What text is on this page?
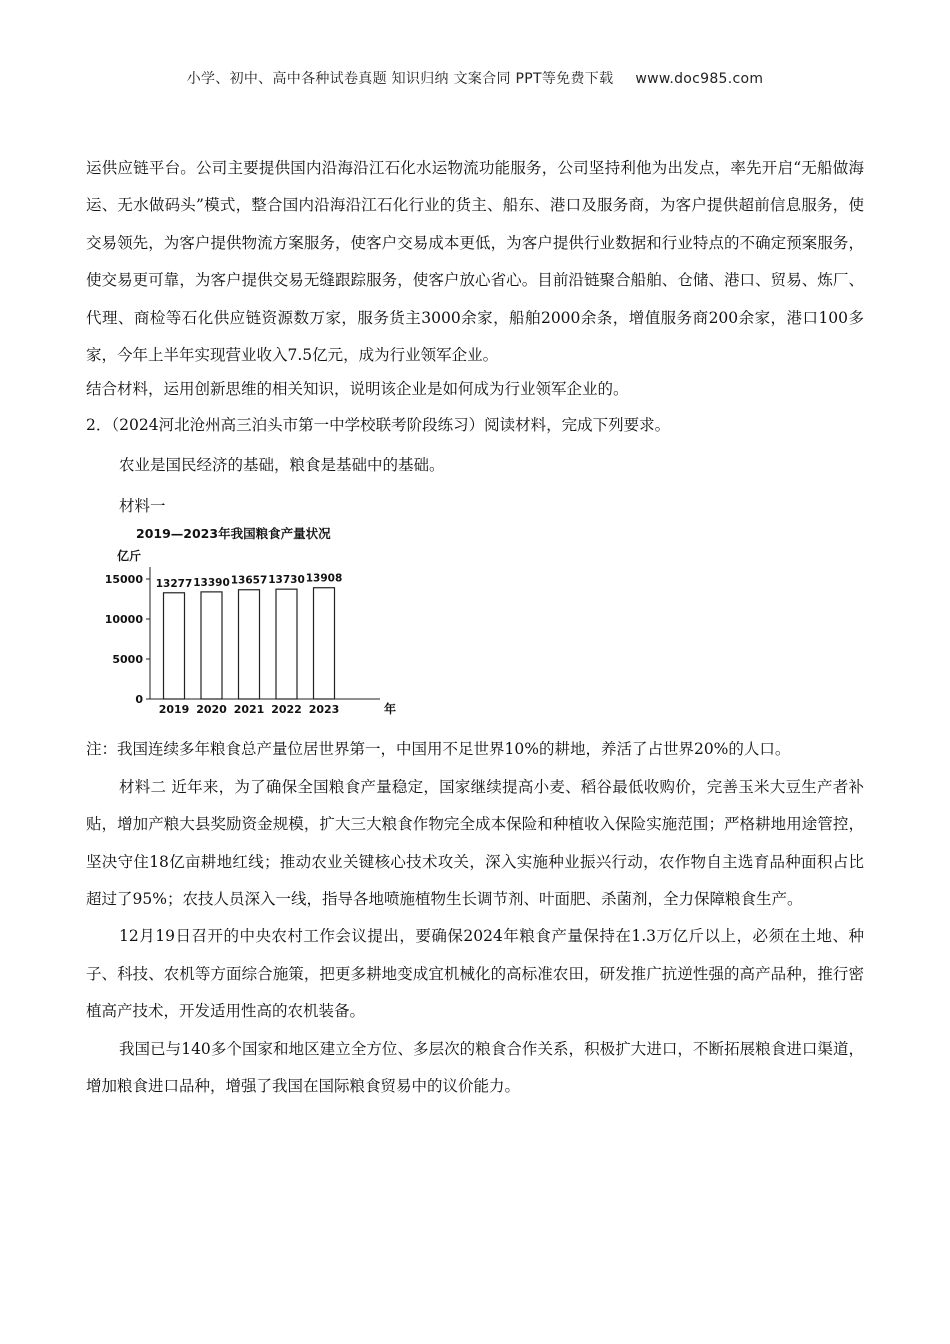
小学、初中、高中各种试卷真题 知识归纳 文案合同 PPT等免费下载 www.doc985.com

运供应链平台。公司主要提供国内沿海沿江石化水运物流功能服务，公司坚持利他为出发点，率先开启“无船做海运、无水做码头”模式，整合国内沿海沿江石化行业的货主、船东、港口及服务商，为客户提供超前信息服务，使交易领先，为客户提供物流方案服务，使客户交易成本更低，为客户提供行业数据和行业特点的不确定预案服务，使交易更可靠，为客户提供交易无缝跟踪服务，使客户放心省心。目前沿链聚合船舶、仓储、港口、贸易、炼厂、代理、商检等石化供应链资源数万家，服务货主3000余家，船舶2000余条，增值服务商200余家，港口100多家，今年上半年实现营业收入7.5亿元，成为行业领军企业。

结合材料，运用创新思维的相关知识，说明该企业是如何成为行业领军企业的。

2．（2024河北沧州高三泊头市第一中学校联考阶段练习）阅读材料，完成下列要求。

农业是国民经济的基础，粮食是基础中的基础。

材料一

2019—2023年我国粮食产量状况
亿斤
年
0
5000
10000
15000 13277
2019
13390
2020
13657
2021
13730
2022
13908
2023

注：我国连续多年粮食总产量位居世界第一，中国用不足世界10%的耕地，养活了占世界20%的人口。

材料二 近年来，为了确保全国粮食产量稳定，国家继续提高小麦、稻谷最低收购价，完善玉米大豆生产者补贴，增加产粮大县奖励资金规模，扩大三大粮食作物完全成本保险和种植收入保险实施范围；严格耕地用途管控，坚决守住18亿亩耕地红线；推动农业关键核心技术攻关，深入实施种业振兴行动，农作物自主选育品种面积占比超过了95%；农技人员深入一线，指导各地喷施植物生长调节剂、叶面肥、杀菌剂，全力保障粮食生产。

12月19日召开的中央农村工作会议提出，要确保2024年粮食产量保持在1.3万亿斤以上，必须在土地、种子、科技、农机等方面综合施策，把更多耕地变成宜机械化的高标准农田，研发推广抗逆性强的高产品种，推行密植高产技术，开发适用性高的农机装备。

我国已与140多个国家和地区建立全方位、多层次的粮食合作关系，积极扩大进口，不断拓展粮食进口渠道，增加粮食进口品种，增强了我国在国际粮食贸易中的议价能力。
